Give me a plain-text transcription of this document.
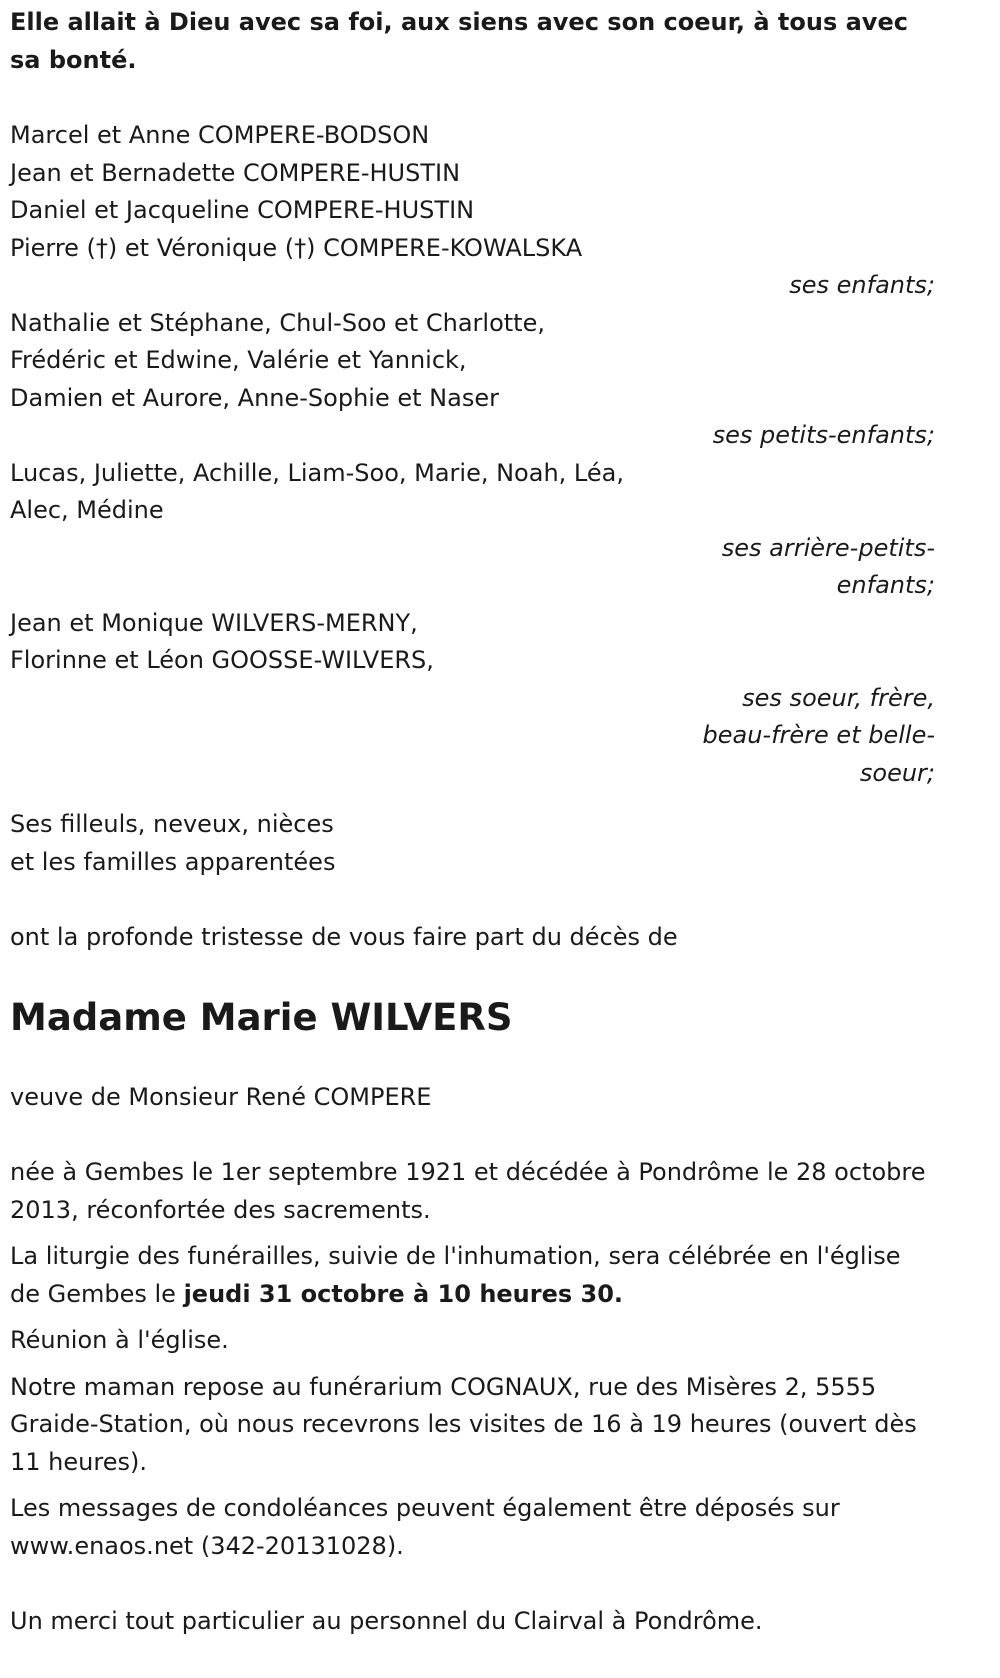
Elle allait à Dieu avec sa foi, aux siens avec son coeur, à tous avec sa bonté.

Marcel et Anne COMPERE-BODSON
Jean et Bernadette COMPERE-HUSTIN
Daniel et Jacqueline COMPERE-HUSTIN
Pierre (†) et Véronique (†) COMPERE-KOWALSKA

ses enfants;

Nathalie et Stéphane, Chul-Soo et Charlotte,
Frédéric et Edwine, Valérie et Yannick,
Damien et Aurore, Anne-Sophie et Naser

ses petits-enfants;

Lucas, Juliette, Achille, Liam-Soo, Marie, Noah, Léa,
Alec, Médine

ses arrière-petits-enfants;

Jean et Monique WILVERS-MERNY,
Florinne et Léon GOOSSE-WILVERS,

ses soeur, frère, beau-frère et belle-soeur;

Ses filleuls, neveux, nièces
et les familles apparentées

ont la profonde tristesse de vous faire part du décès de

Madame Marie WILVERS

veuve de Monsieur René COMPERE

née à Gembes le 1er septembre 1921 et décédée à Pondrôme le 28 octobre 2013, réconfortée des sacrements.

La liturgie des funérailles, suivie de l'inhumation, sera célébrée en l'église de Gembes le jeudi 31 octobre à 10 heures 30.

Réunion à l'église.

Notre maman repose au funérarium COGNAUX, rue des Misères 2, 5555 Graide-Station, où nous recevrons les visites de 16 à 19 heures (ouvert dès 11 heures).

Les messages de condoléances peuvent également être déposés sur www.enaos.net (342-20131028).

Un merci tout particulier au personnel du Clairval à Pondrôme.
